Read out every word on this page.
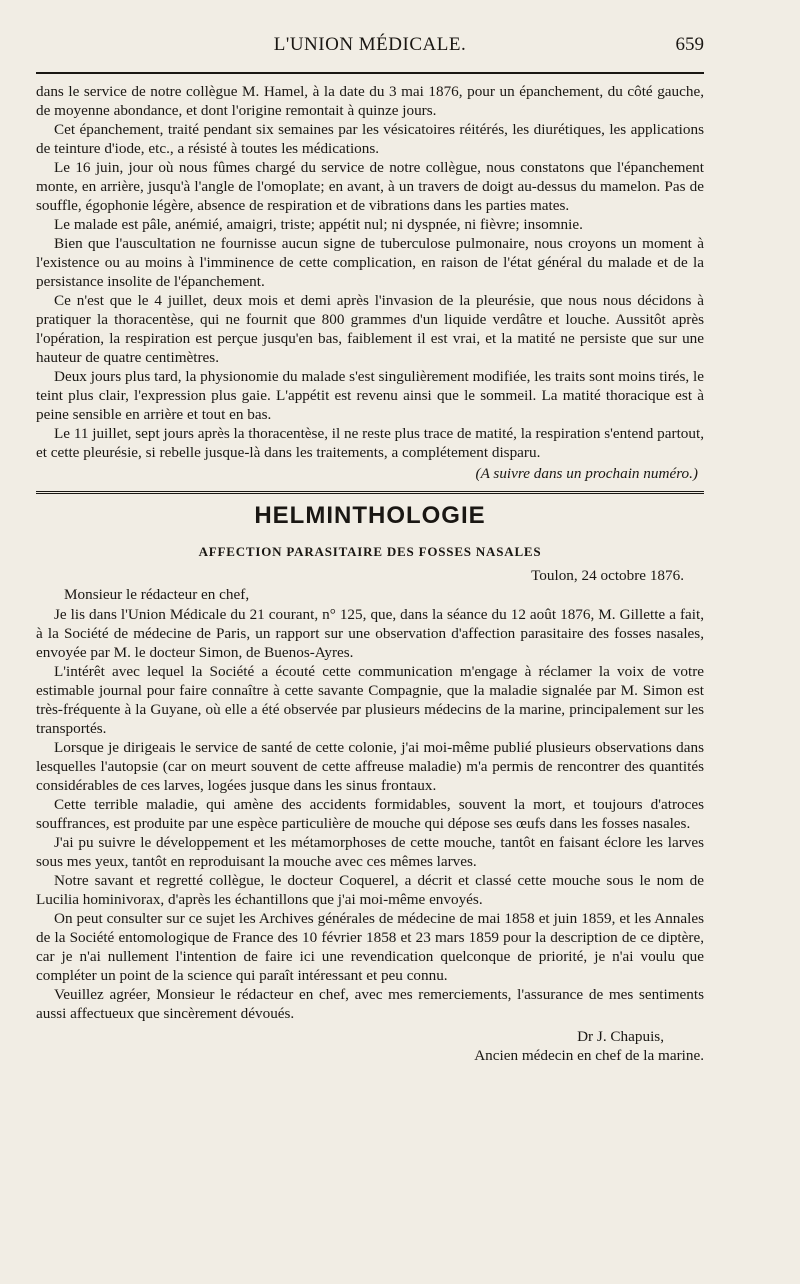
L'UNION MÉDICALE.	659

dans le service de notre collègue M. Hamel, à la date du 3 mai 1876, pour un épanchement, du côté gauche, de moyenne abondance, et dont l'origine remontait à quinze jours.

Cet épanchement, traité pendant six semaines par les vésicatoires réitérés, les diurétiques, les applications de teinture d'iode, etc., a résisté à toutes les médications.

Le 16 juin, jour où nous fûmes chargé du service de notre collègue, nous constatons que l'épanchement monte, en arrière, jusqu'à l'angle de l'omoplate; en avant, à un travers de doigt au-dessus du mamelon. Pas de souffle, égophonie légère, absence de respiration et de vibrations dans les parties mates.

Le malade est pâle, anémié, amaigri, triste; appétit nul; ni dyspnée, ni fièvre; insomnie.

Bien que l'auscultation ne fournisse aucun signe de tuberculose pulmonaire, nous croyons un moment à l'existence ou au moins à l'imminence de cette complication, en raison de l'état général du malade et de la persistance insolite de l'épanchement.

Ce n'est que le 4 juillet, deux mois et demi après l'invasion de la pleurésie, que nous nous décidons à pratiquer la thoracentèse, qui ne fournit que 800 grammes d'un liquide verdâtre et louche. Aussitôt après l'opération, la respiration est perçue jusqu'en bas, faiblement il est vrai, et la matité ne persiste que sur une hauteur de quatre centimètres.

Deux jours plus tard, la physionomie du malade s'est singulièrement modifiée, les traits sont moins tirés, le teint plus clair, l'expression plus gaie. L'appétit est revenu ainsi que le sommeil. La matité thoracique est à peine sensible en arrière et tout en bas.

Le 11 juillet, sept jours après la thoracentèse, il ne reste plus trace de matité, la respiration s'entend partout, et cette pleurésie, si rebelle jusque-là dans les traitements, a complétement disparu.

(A suivre dans un prochain numéro.)

HELMINTHOLOGIE
AFFECTION PARASITAIRE DES FOSSES NASALES
Toulon, 24 octobre 1876.
Monsieur le rédacteur en chef,

Je lis dans l'Union Médicale du 21 courant, n° 125, que, dans la séance du 12 août 1876, M. Gillette a fait, à la Société de médecine de Paris, un rapport sur une observation d'affection parasitaire des fosses nasales, envoyée par M. le docteur Simon, de Buenos-Ayres.

L'intérêt avec lequel la Société a écouté cette communication m'engage à réclamer la voix de votre estimable journal pour faire connaître à cette savante Compagnie, que la maladie signalée par M. Simon est très-fréquente à la Guyane, où elle a été observée par plusieurs médecins de la marine, principalement sur les transportés.

Lorsque je dirigeais le service de santé de cette colonie, j'ai moi-même publié plusieurs observations dans lesquelles l'autopsie (car on meurt souvent de cette affreuse maladie) m'a permis de rencontrer des quantités considérables de ces larves, logées jusque dans les sinus frontaux.

Cette terrible maladie, qui amène des accidents formidables, souvent la mort, et toujours d'atroces souffrances, est produite par une espèce particulière de mouche qui dépose ses œufs dans les fosses nasales.

J'ai pu suivre le développement et les métamorphoses de cette mouche, tantôt en faisant éclore les larves sous mes yeux, tantôt en reproduisant la mouche avec ces mêmes larves.

Notre savant et regretté collègue, le docteur Coquerel, a décrit et classé cette mouche sous le nom de Lucilia hominivorax, d'après les échantillons que j'ai moi-même envoyés.

On peut consulter sur ce sujet les Archives générales de médecine de mai 1858 et juin 1859, et les Annales de la Société entomologique de France des 10 février 1858 et 23 mars 1859 pour la description de ce diptère, car je n'ai nullement l'intention de faire ici une revendication quelconque de priorité, je n'ai voulu que compléter un point de la science qui paraît intéressant et peu connu.

Veuillez agréer, Monsieur le rédacteur en chef, avec mes remerciements, l'assurance de mes sentiments aussi affectueux que sincèrement dévoués.

Dr J. Chapuis,
Ancien médecin en chef de la marine.
